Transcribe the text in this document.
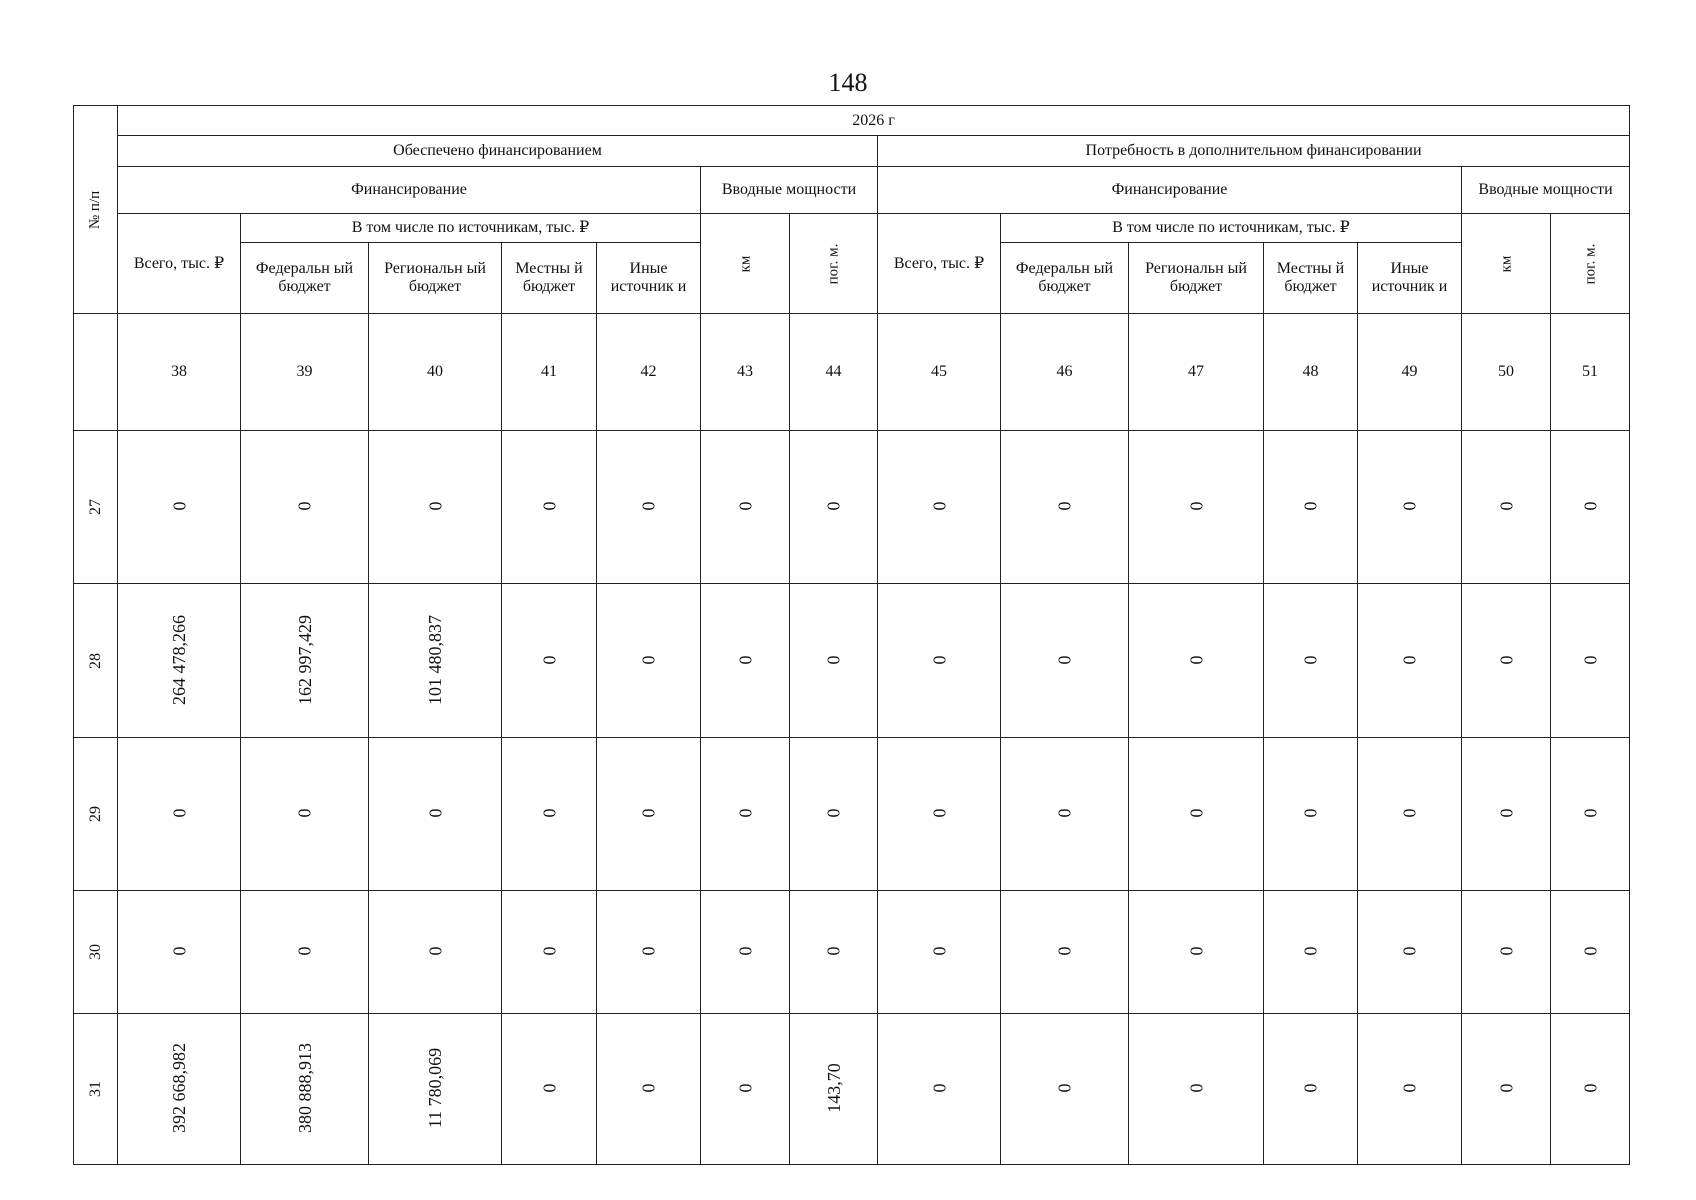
148
№ п/п	2026 г													
	Обеспечено финансированием							Потребность в дополнительном финансировании						
	Финансирование					Вводные мощности		Финансирование					Вводные мощности	
	Всего, тыс. ₽	В том числе по источникам, тыс. ₽				км	пог. м.	Всего, тыс. ₽	В том числе по источникам, тыс. ₽				км	пог. м.
		Федеральн ый бюджет	Региональн ый бюджет	Местны й бюджет	Иные источник и				Федеральн ый бюджет	Региональн ый бюджет	Местны й бюджет	Иные источник и		
	38	39	40	41	42	43	44	45	46	47	48	49	50	51
27	0	0	0	0	0	0	0	0	0	0	0	0	0	0
28	264 478,266	162 997,429	101 480,837	0	0	0	0	0	0	0	0	0	0	0
29	0	0	0	0	0	0	0	0	0	0	0	0	0	0
30	0	0	0	0	0	0	0	0	0	0	0	0	0	0
31	392 668,982	380 888,913	11 780,069	0	0	0	143,70	0	0	0	0	0	0	0
